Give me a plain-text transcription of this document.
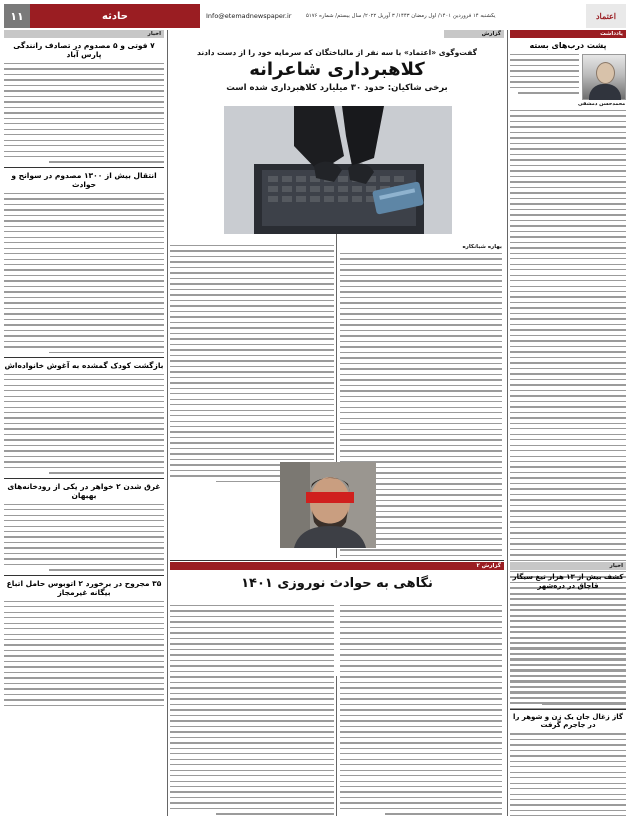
۱۱	حادثه	Info@etemadnewspaper.ir	یکشنبه ۱۴ فروردین ۱۴۰۱/ اول رمضان ۱۴۴۳/ ۳ آوریل ۲۰۲۲/ سال بیستم/ شماره ۵۱۷۶	اعتماد
یادداشت
پشت درب‌های بسته
محمدحسن دمشقی
اخبار
کشف بیش از ۱۳ هزار تیغ سیگار قاچاق در دره‌شهر
گاز زغال جان یک زن و شوهر را در جاجرم گرفت
گزارش
گفت‌وگوی «اعتماد» با سه نفر از مالباختگان که سرمایه خود را از دست دادند
کلاهبرداری شاعرانه
برخی شاکیان: حدود ۳۰ میلیارد کلاهبرداری شده است
بهاره شبانکاره
گزارش ۲
نگاهی به حوادث نوروزی ۱۴۰۱
اخبار
۷ فوتی و ۵ مصدوم در تصادف رانندگی پارس آباد
انتقال بیش از ۱۳۰۰ مصدوم در سوانح و حوادث
بازگشت کودک گمشده به آغوش خانواده‌اش
غرق شدن ۲ خواهر در یکی از رودخانه‌های بهبهان
۳۵ مجروح در برخورد ۲ اتوبوس حامل اتباع بیگانه غیرمجاز
